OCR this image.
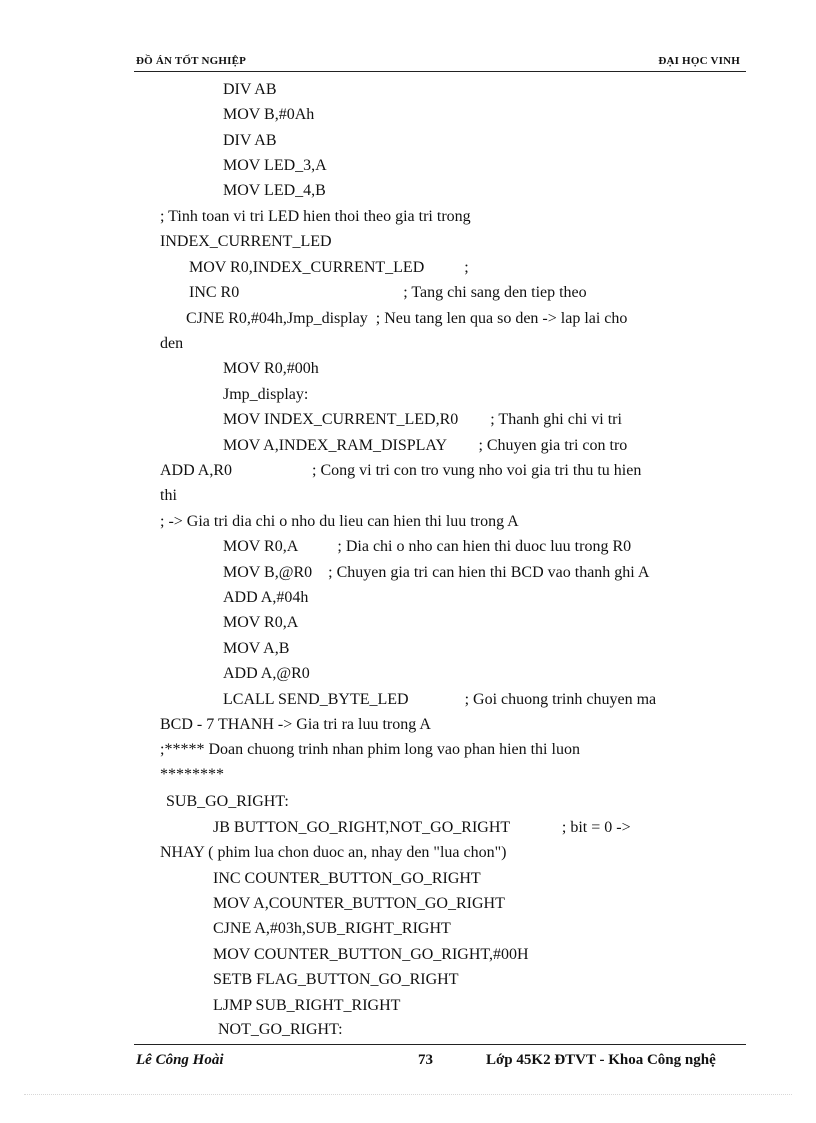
ĐỒ ÁN TỐT NGHIỆP	ĐẠI HỌC VINH
DIV AB
MOV B,#0Ah
DIV AB
MOV LED_3,A
MOV LED_4,B
; Tinh toan vi tri LED hien thoi theo gia tri trong
INDEX_CURRENT_LED
MOV R0,INDEX_CURRENT_LED          ;
INC R0                                         ; Tang chi sang den tiep theo
CJNE R0,#04h,Jmp_display  ; Neu tang len qua so den -> lap lai cho
den
MOV R0,#00h
Jmp_display:
MOV INDEX_CURRENT_LED,R0        ; Thanh ghi chi vi tri
MOV A,INDEX_RAM_DISPLAY        ; Chuyen gia tri con tro
ADD A,R0                    ; Cong vi tri con tro vung nho voi gia tri thu tu hien
thi
; -> Gia tri dia chi o nho du lieu can hien thi luu trong A
MOV R0,A          ; Dia chi o nho can hien thi duoc luu trong R0
MOV B,@R0    ; Chuyen gia tri can hien thi BCD vao thanh ghi A
ADD A,#04h
MOV R0,A
MOV A,B
ADD A,@R0
LCALL SEND_BYTE_LED              ; Goi chuong trinh chuyen ma
BCD - 7 THANH -> Gia tri ra luu trong A
;***** Doan chuong trinh nhan phim long vao phan hien thi luon
********
SUB_GO_RIGHT:
JB BUTTON_GO_RIGHT,NOT_GO_RIGHT             ; bit = 0 ->
NHAY ( phim lua chon duoc an, nhay den "lua chon")
INC COUNTER_BUTTON_GO_RIGHT
MOV A,COUNTER_BUTTON_GO_RIGHT
CJNE A,#03h,SUB_RIGHT_RIGHT
MOV COUNTER_BUTTON_GO_RIGHT,#00H
SETB FLAG_BUTTON_GO_RIGHT
LJMP SUB_RIGHT_RIGHT
NOT_GO_RIGHT:
Lê Công Hoài	73	Lớp 45K2 ĐTVT - Khoa Công nghệ
